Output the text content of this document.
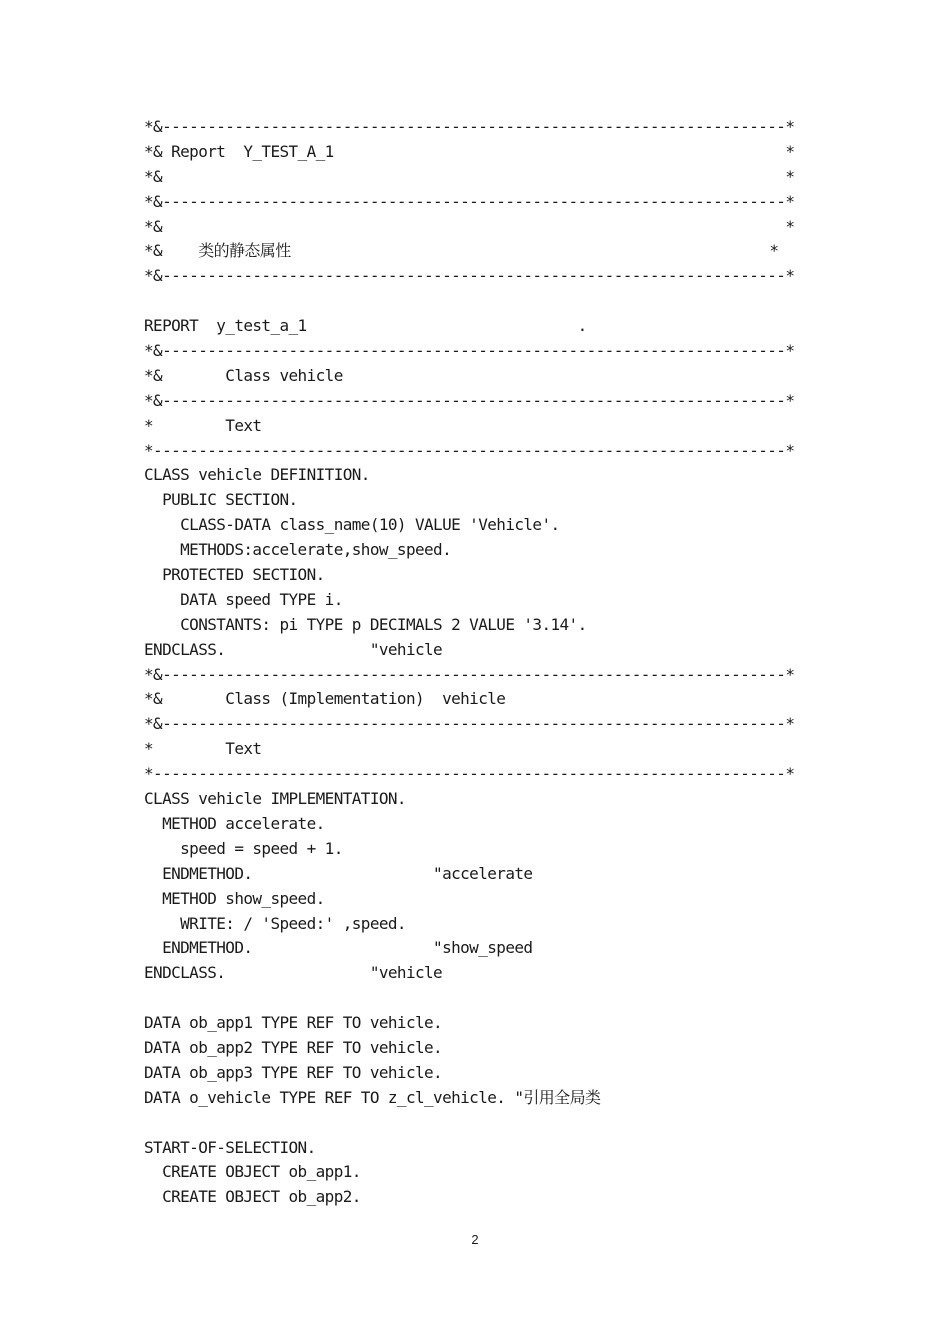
*&---------------------------------------------------------------------*
*& Report  Y_TEST_A_1                                                  *
*&                                                                     *
*&---------------------------------------------------------------------*
*&                                                                     *
*&    类的静态属性                                                     *
*&---------------------------------------------------------------------*
REPORT  y_test_a_1                              .
*&---------------------------------------------------------------------*
*&       Class vehicle
*&---------------------------------------------------------------------*
*        Text
*----------------------------------------------------------------------*
CLASS vehicle DEFINITION.
PUBLIC SECTION.
CLASS-DATA class_name(10) VALUE 'Vehicle'.
METHODS:accelerate,show_speed.
PROTECTED SECTION.
DATA speed TYPE i.
CONSTANTS: pi TYPE p DECIMALS 2 VALUE '3.14'.
ENDCLASS.                "vehicle
*&---------------------------------------------------------------------*
*&       Class (Implementation)  vehicle
*&---------------------------------------------------------------------*
*        Text
*----------------------------------------------------------------------*
CLASS vehicle IMPLEMENTATION.
METHOD accelerate.
speed = speed + 1.
ENDMETHOD.                    "accelerate
METHOD show_speed.
WRITE: / 'Speed:' ,speed.
ENDMETHOD.                    "show_speed
ENDCLASS.                "vehicle
DATA ob_app1 TYPE REF TO vehicle.
DATA ob_app2 TYPE REF TO vehicle.
DATA ob_app3 TYPE REF TO vehicle.
DATA o_vehicle TYPE REF TO z_cl_vehicle. "引用全局类
START-OF-SELECTION.
CREATE OBJECT ob_app1.
CREATE OBJECT ob_app2.
2
